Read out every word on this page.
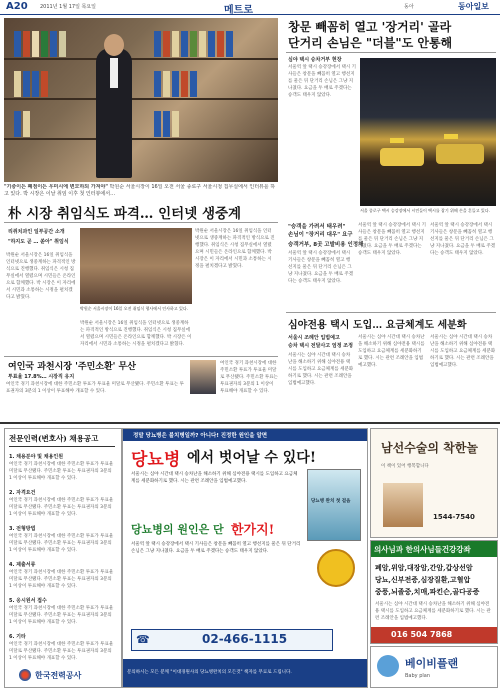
A20 2011년 1월 17일 목요일	메트로	동아	동아일보
"기증이든 폐점이든 우미시에 변모하되 가져야" 박원순 서울시장이 16일 오전 서울 종로구 서울시청 집무실에서 인터뷰를 하고 있다. 박 시장은 이날 취임 이후 첫 인터뷰에서…
朴 시장 취임식도 파격… 인터넷 생중계
리쥐치과인 일부공간 소개
"하지도 곧 … 쏟아" 취임식
박원순 서울시장은 16일 취임식을 인터넷으로 생중계하는 파격적인 방식으로 진행했다. 취임식은 시청 집무실에서 열렸으며 시민들은 온라인으로 함께했다. 박 시장은 이 자리에서 시민과 소통하는 시정을 펼치겠다고 밝혔다.
박원순 서울시장은 16일 취임식을 인터넷으로 생중계하는 파격적인 방식으로 진행했다. 취임식은 시청 집무실에서 열렸으며 시민들은 온라인으로 함께했다. 박 시장은 이 자리에서 시민과 소통하는 시정을 펼치겠다고 밝혔다.
박원순 서울시장이 16일 오전 취임식 행사에서 인사하고 있다.
박원순 서울시장은 16일 취임식을 인터넷으로 생중계하는 파격적인 방식으로 진행했다. 취임식은 시청 집무실에서 열렸으며 시민들은 온라인으로 함께했다. 박 시장은 이 자리에서 시민과 소통하는 시정을 펼치겠다고 밝혔다.
여인국 과천시장 '주민소환' 무산
투표율 17.8%… 시장직 유지
여인국 경기 과천시장에 대한 주민소환 투표가 투표율 미달로 무산됐다. 주민소환 투표는 투표권자의 3분의 1 이상이 투표해야 개표할 수 있다.
여인국 경기 과천시장에 대한 주민소환 투표가 투표율 미달로 무산됐다. 주민소환 투표는 투표권자의 3분의 1 이상이 투표해야 개표할 수 있다.
창문 빼꼼히 열고 '장거리' 골라
단거리 손님은 "더블"도 안통해
심야 택시 승차거부 현장
서울역 앞 택시 승강장에서 택시 기사들은 창문을 빼꼼히 열고 행선지를 물은 뒤 단거리 손님은 그냥 지나쳤다. 요금을 두 배로 주겠다는 승객도 태우지 않았다.
서울 종로구 택시 승강장에서 시민들이 택시를 잡기 위해 손을 흔들고 있다.
"승객을 가려서 태우려"
손님이 "장거리 대우" 요구
승객거부, 8곳 고발비용 인정해
서울역 앞 택시 승강장에서 택시 기사들은 창문을 빼꼼히 열고 행선지를 물은 뒤 단거리 손님은 그냥 지나쳤다. 요금을 두 배로 주겠다는 승객도 태우지 않았다.
서울역 앞 택시 승강장에서 택시 기사들은 창문을 빼꼼히 열고 행선지를 물은 뒤 단거리 손님은 그냥 지나쳤다. 요금을 두 배로 주겠다는 승객도 태우지 않았다.
서울역 앞 택시 승강장에서 택시 기사들은 창문을 빼꼼히 열고 행선지를 물은 뒤 단거리 손님은 그냥 지나쳤다. 요금을 두 배로 주겠다는 승객도 태우지 않았다.
심야전용 택시 도입… 요금체계도 세분화
서울시 조례안 입법예고
승차 택시 전달사고 엄정 조정
서울시는 심야 시간대 택시 승차난을 해소하기 위해 심야전용 택시를 도입하고 요금체계를 세분화하기로 했다. 시는 관련 조례안을 입법예고했다.
서울시는 심야 시간대 택시 승차난을 해소하기 위해 심야전용 택시를 도입하고 요금체계를 세분화하기로 했다. 시는 관련 조례안을 입법예고했다.
서울시는 심야 시간대 택시 승차난을 해소하기 위해 심야전용 택시를 도입하고 요금체계를 세분화하기로 했다. 시는 관련 조례안을 입법예고했다.
전문인력(변호사) 채용공고
1. 채용분야 및 채용인원
여인국 경기 과천시장에 대한 주민소환 투표가 투표율 미달로 무산됐다. 주민소환 투표는 투표권자의 3분의 1 이상이 투표해야 개표할 수 있다.
2. 자격요건
여인국 경기 과천시장에 대한 주민소환 투표가 투표율 미달로 무산됐다. 주민소환 투표는 투표권자의 3분의 1 이상이 투표해야 개표할 수 있다.
3. 전형방법
여인국 경기 과천시장에 대한 주민소환 투표가 투표율 미달로 무산됐다. 주민소환 투표는 투표권자의 3분의 1 이상이 투표해야 개표할 수 있다.
4. 제출서류
여인국 경기 과천시장에 대한 주민소환 투표가 투표율 미달로 무산됐다. 주민소환 투표는 투표권자의 3분의 1 이상이 투표해야 개표할 수 있다.
5. 응시원서 접수
여인국 경기 과천시장에 대한 주민소환 투표가 투표율 미달로 무산됐다. 주민소환 투표는 투표권자의 3분의 1 이상이 투표해야 개표할 수 있다.
6. 기타
여인국 경기 과천시장에 대한 주민소환 투표가 투표율 미달로 무산됐다. 주민소환 투표는 투표권자의 3분의 1 이상이 투표해야 개표할 수 있다.
한국전력공사
정말 당뇨병은 불치병일까? 아니다! 진정한 원인을 알면
당뇨병 에서 벗어날 수 있다!
서울시는 심야 시간대 택시 승차난을 해소하기 위해 심야전용 택시를 도입하고 요금체계를 세분화하기로 했다. 시는 관련 조례안을 입법예고했다.
당뇨병 완치 첫 걸음
당뇨병의 원인은 단 한가지!
서울역 앞 택시 승강장에서 택시 기사들은 창문을 빼꼼히 열고 행선지를 물은 뒤 단거리 손님은 그냥 지나쳤다. 요금을 두 배로 주겠다는 승객도 태우지 않았다.
☎	02-466-1115
문의하시는 모든 분께 "이대경원사의 당뇨병완치의 모든것" 책자를 무료로 드립니다.
남선수술의 착한놀
이 책이 있어 행복합니다
1544-7540
의사님과 한의사님들건강강좌
폐암,위암,대장암,간암,갑상선암
당뇨,신부전증,심장질환,고혈압
중풍,뇌졸중,치매,파킨슨,골다공증
서울시는 심야 시간대 택시 승차난을 해소하기 위해 심야전용 택시를 도입하고 요금체계를 세분화하기로 했다. 시는 관련 조례안을 입법예고했다.
016 504 7868
베이비플랜
Baby plan
